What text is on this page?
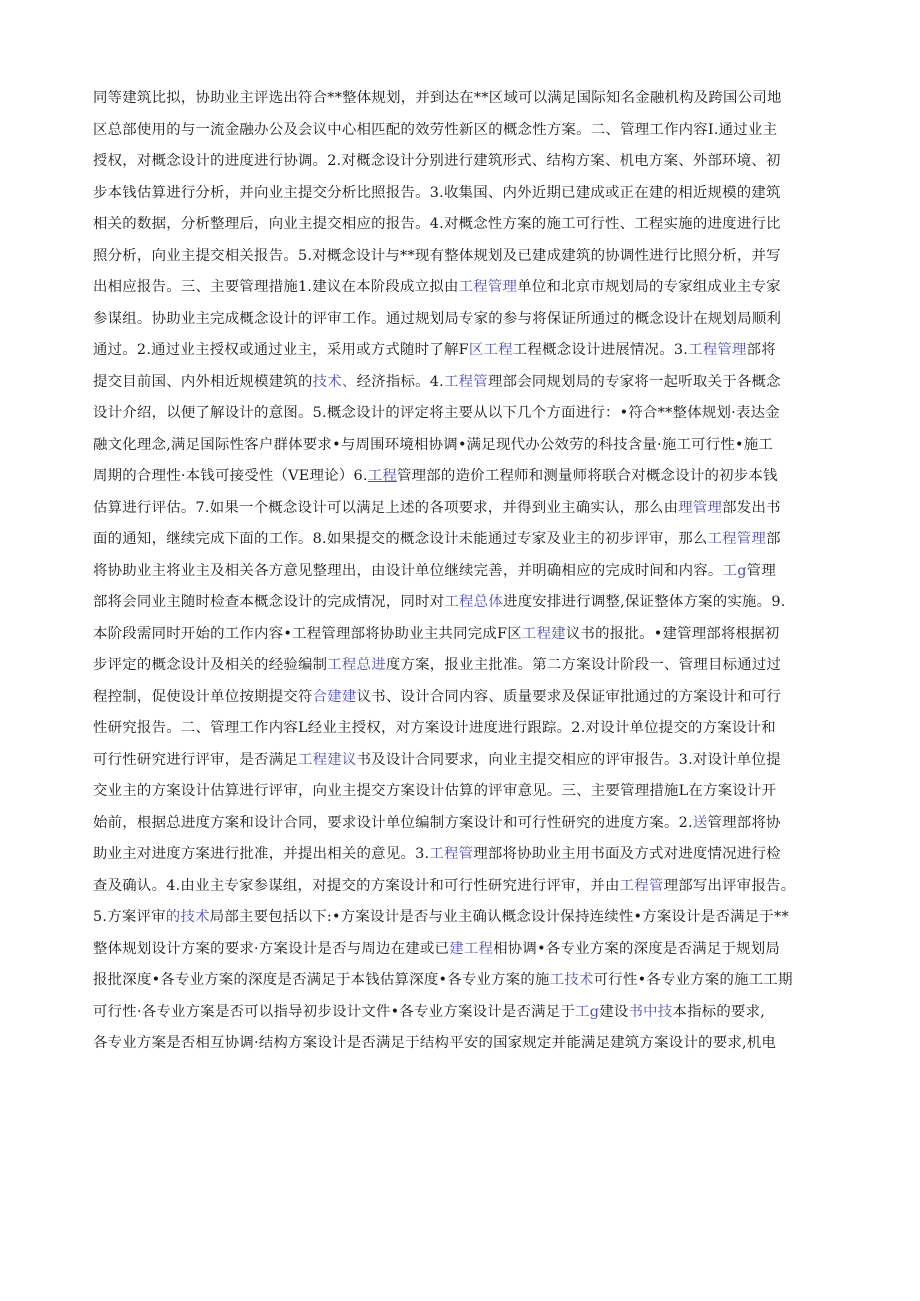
同等建筑比拟，协助业主评选出符合**整体规划，并到达在**区域可以满足国际知名金融机构及跨国公司地
区总部使用的与一流金融办公及会议中心相匹配的效劳性新区的概念性方案。二、管理工作内容I.通过业主
授权，对概念设计的进度进行协调。2.对概念设计分别进行建筑形式、结构方案、机电方案、外部环境、初
步本钱估算进行分析，并向业主提交分析比照报告。3.收集国、内外近期已建成或正在建的相近规模的建筑
相关的数据，分析整理后，向业主提交相应的报告。4.对概念性方案的施工可行性、工程实施的进度进行比
照分析，向业主提交相关报告。5.对概念设计与**现有整体规划及已建成建筑的协调性进行比照分析，并写
出相应报告。三、主要管理措施1.建议在本阶段成立拟由工程管理单位和北京市规划局的专家组成业主专家
参谋组。协助业主完成概念设计的评审工作。通过规划局专家的参与将保证所通过的概念设计在规划局顺利
通过。2.通过业主授权或通过业主，采用或方式随时了解F区工程工程概念设计进展情况。3.工程管理部将
提交目前国、内外相近规模建筑的技术、经济指标。4.工程管理部会同规划局的专家将一起听取关于各概念
设计介绍，以便了解设计的意图。5.概念设计的评定将主要从以下几个方面进行：•符合**整体规划·表达金
融文化理念,满足国际性客户群体要求•与周围环境相协调•满足现代办公效劳的科技含量·施工可行性•施工
周期的合理性·本钱可接受性（VE理论）6.工程管理部的造价工程师和测量师将联合对概念设计的初步本钱
估算进行评估。7.如果一个概念设计可以满足上述的各项要求，并得到业主确实认，那么由理管理部发出书
面的通知，继续完成下面的工作。8.如果提交的概念设计未能通过专家及业主的初步评审，那么工程管理部
将协助业主将业主及相关各方意见整理出，由设计单位继续完善，并明确相应的完成时间和内容。工g管理
部将会同业主随时检查本概念设计的完成情况，同时对工程总体进度安排进行调整,保证整体方案的实施。9.
本阶段需同时开始的工作内容•工程管理部将协助业主共同完成F区工程建议书的报批。•建管理部将根据初
步评定的概念设计及相关的经验编制工程总进度方案，报业主批准。第二方案设计阶段一、管理目标通过过
程控制，促使设计单位按期提交符合建建议书、设计合同内容、质量要求及保证审批通过的方案设计和可行
性研究报告。二、管理工作内容L经业主授权，对方案设计进度进行跟踪。2.对设计单位提交的方案设计和
可行性研究进行评审，是否满足工程建议书及设计合同要求，向业主提交相应的评审报告。3.对设计单位提
交业主的方案设计估算进行评审，向业主提交方案设计估算的评审意见。三、主要管理措施L在方案设计开
始前，根据总进度方案和设计合同，要求设计单位编制方案设计和可行性研究的进度方案。2.送管理部将协
助业主对进度方案进行批准，并提出相关的意见。3.工程管理部将协助业主用书面及方式对进度情况进行检
查及确认。4.由业主专家参谋组，对提交的方案设计和可行性研究进行评审，并由工程管理部写出评审报告。
5.方案评审的技术局部主要包括以下:•方案设计是否与业主确认概念设计保持连续性•方案设计是否满足于**
整体规划设计方案的要求·方案设计是否与周边在建或已建工程相协调•各专业方案的深度是否满足于规划局
报批深度•各专业方案的深度是否满足于本钱估算深度•各专业方案的施工技术可行性•各专业方案的施工工期
可行性·各专业方案是否可以指导初步设计文件•各专业方案设计是否满足于工g建设书中技本指标的要求,
各专业方案是否相互协调·结构方案设计是否满足于结构平安的国家规定并能满足建筑方案设计的要求,机电
